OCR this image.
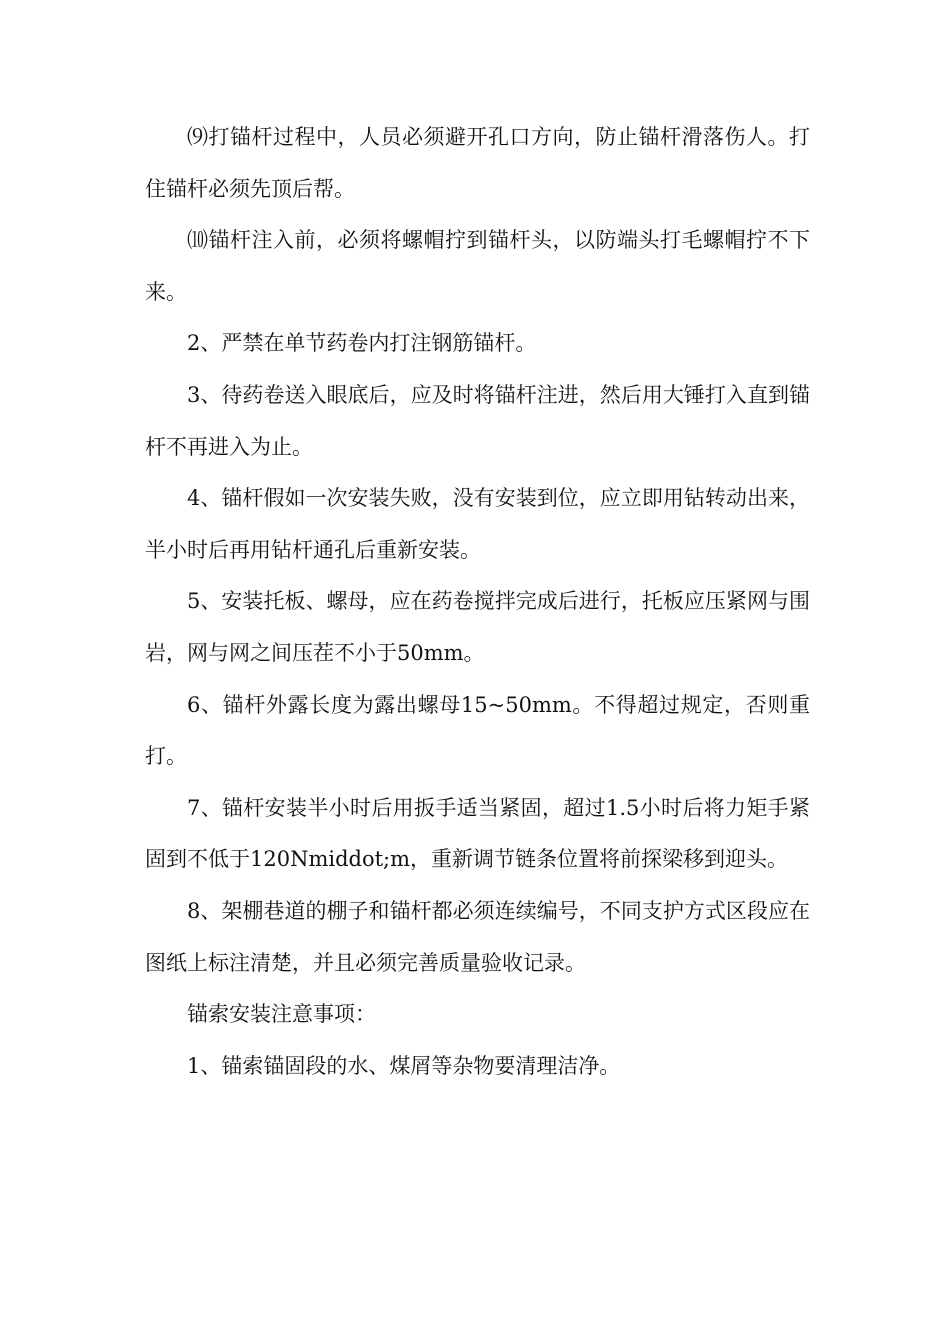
⑼打锚杆过程中，人员必须避开孔口方向，防止锚杆滑落伤人。打住锚杆必须先顶后帮。

⑽锚杆注入前，必须将螺帽拧到锚杆头，以防端头打毛螺帽拧不下来。

2、严禁在单节药卷内打注钢筋锚杆。

3、待药卷送入眼底后，应及时将锚杆注进，然后用大锤打入直到锚杆不再进入为止。

4、锚杆假如一次安装失败，没有安装到位，应立即用钻转动出来，半小时后再用钻杆通孔后重新安装。

5、安装托板、螺母，应在药卷搅拌完成后进行，托板应压紧网与围岩，网与网之间压茬不小于50mm。

6、锚杆外露长度为露出螺母15~50mm。不得超过规定，否则重打。

7、锚杆安装半小时后用扳手适当紧固，超过1.5小时后将力矩手紧固到不低于120Nmiddot;m，重新调节链条位置将前探梁移到迎头。

8、架棚巷道的棚子和锚杆都必须连续编号，不同支护方式区段应在图纸上标注清楚，并且必须完善质量验收记录。

锚索安装注意事项：

1、锚索锚固段的水、煤屑等杂物要清理洁净。
